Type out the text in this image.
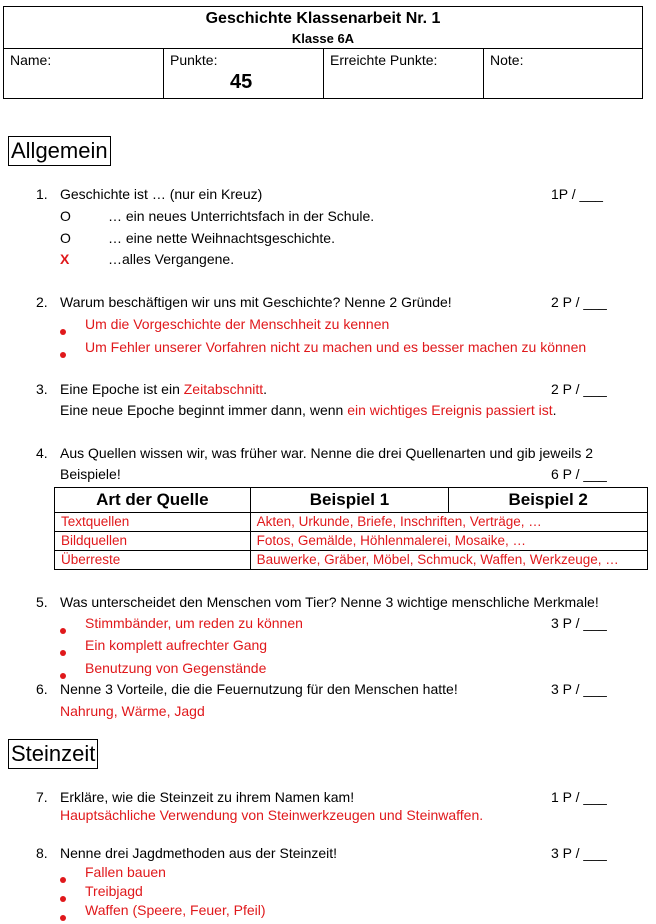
Geschichte Klassenarbeit Nr. 1
Klasse 6A
Name:	Punkte:
45
Erreichte Punkte:	Note:
Allgemein
1. Geschichte ist … (nur ein Kreuz)	1P / ___
O	… ein neues Unterrichtsfach in der Schule.
O	… eine nette Weihnachtsgeschichte.
X	…alles Vergangene.
2. Warum beschäftigen wir uns mit Geschichte? Nenne 2 Gründe!	2 P / ___
Um die Vorgeschichte der Menschheit zu kennen
Um Fehler unserer Vorfahren nicht zu machen und es besser machen zu können
3. Eine Epoche ist ein Zeitabschnitt.	2 P / ___
Eine neue Epoche beginnt immer dann, wenn ein wichtiges Ereignis passiert ist.
4. Aus Quellen wissen wir, was früher war. Nenne die drei Quellenarten und gib jeweils 2
Beispiele!	6 P / ___
Art der Quelle	Beispiel 1	Beispiel 2
Textquellen	Akten, Urkunde, Briefe, Inschriften, Verträge, …	
Bildquellen	Fotos, Gemälde, Höhlenmalerei, Mosaike, …	
Überreste	Bauwerke, Gräber, Möbel, Schmuck, Waffen, Werkzeuge, …	
5. Was unterscheidet den Menschen vom Tier? Nenne 3 wichtige menschliche Merkmale!
Stimmbänder, um reden zu können	3 P / ___
Ein komplett aufrechter Gang
Benutzung von Gegenstände
6. Nenne 3 Vorteile, die die Feuernutzung für den Menschen hatte!	3 P / ___
Nahrung, Wärme, Jagd
Steinzeit
7. Erkläre, wie die Steinzeit zu ihrem Namen kam!	1 P / ___
Hauptsächliche Verwendung von Steinwerkzeugen und Steinwaffen.
8. Nenne drei Jagdmethoden aus der Steinzeit!	3 P / ___
Fallen bauen
Treibjagd
Waffen (Speere, Feuer, Pfeil)
